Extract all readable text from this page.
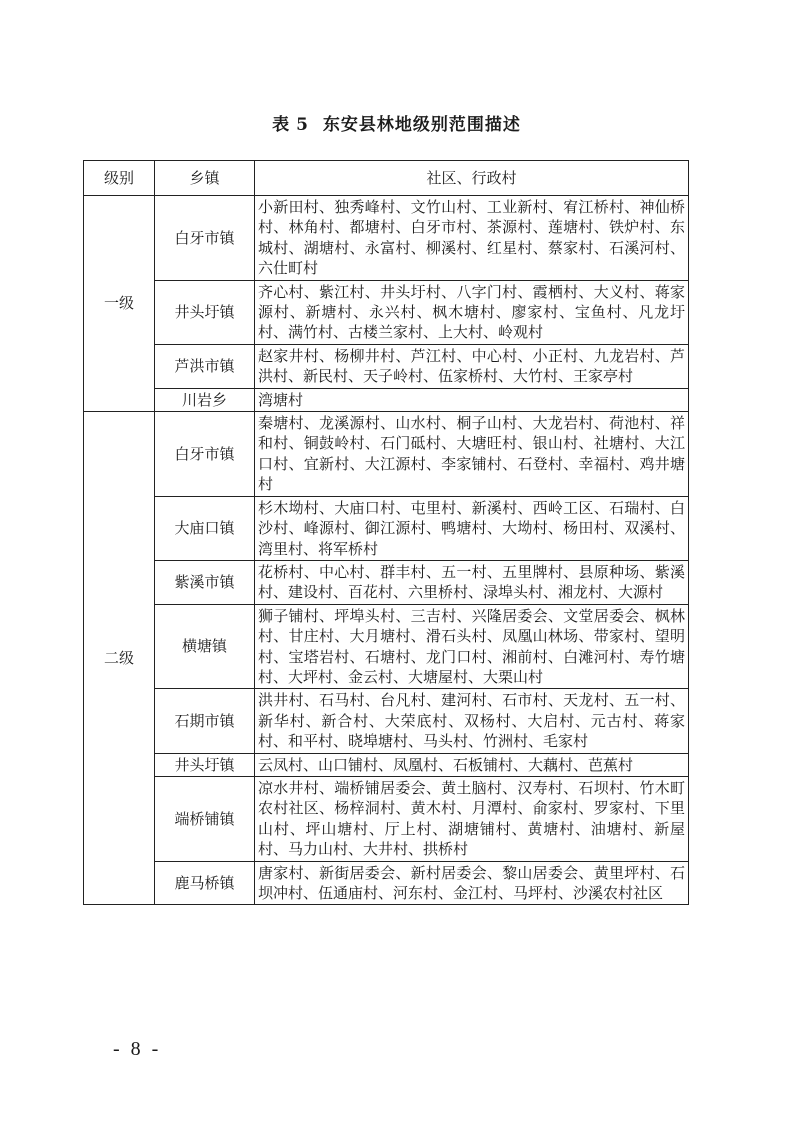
表 5 东安县林地级别范围描述
级别	乡镇	社区、行政村
一级	白牙市镇	小新田村、独秀峰村、文竹山村、工业新村、宥江桥村、神仙桥村、林角村、都塘村、白牙市村、茶源村、莲塘村、铁炉村、东城村、湖塘村、永富村、柳溪村、红星村、蔡家村、石溪河村、六仕町村
	井头圩镇	齐心村、紫江村、井头圩村、八字门村、霞栖村、大义村、蒋家源村、新塘村、永兴村、枫木塘村、廖家村、宝鱼村、凡龙圩村、满竹村、古楼兰家村、上大村、岭观村
	芦洪市镇	赵家井村、杨柳井村、芦江村、中心村、小正村、九龙岩村、芦洪村、新民村、天子岭村、伍家桥村、大竹村、王家亭村
	川岩乡	湾塘村
二级	白牙市镇	秦塘村、龙溪源村、山水村、桐子山村、大龙岩村、荷池村、祥和村、铜鼓岭村、石门砥村、大塘旺村、银山村、社塘村、大江口村、宜新村、大江源村、李家铺村、石登村、幸福村、鸡井塘村
	大庙口镇	杉木坳村、大庙口村、屯里村、新溪村、西岭工区、石瑞村、白沙村、峰源村、御江源村、鸭塘村、大坳村、杨田村、双溪村、湾里村、将军桥村
	紫溪市镇	花桥村、中心村、群丰村、五一村、五里牌村、县原种场、紫溪村、建设村、百花村、六里桥村、渌埠头村、湘龙村、大源村
	横塘镇	狮子铺村、坪埠头村、三吉村、兴隆居委会、文堂居委会、枫林村、甘庄村、大月塘村、滑石头村、凤凰山林场、带家村、望明村、宝塔岩村、石塘村、龙门口村、湘前村、白滩河村、寿竹塘村、大坪村、金云村、大塘屋村、大栗山村
	石期市镇	洪井村、石马村、台凡村、建河村、石市村、天龙村、五一村、新华村、新合村、大荣底村、双杨村、大启村、元古村、蒋家村、和平村、晓埠塘村、马头村、竹洲村、毛家村
	井头圩镇	云凤村、山口铺村、凤凰村、石板铺村、大藕村、芭蕉村
	端桥铺镇	凉水井村、端桥铺居委会、黄土脑村、汉寿村、石坝村、竹木町农村社区、杨梓洞村、黄木村、月潭村、俞家村、罗家村、下里山村、坪山塘村、厅上村、湖塘铺村、黄塘村、油塘村、新屋村、马力山村、大井村、拱桥村
	鹿马桥镇	唐家村、新街居委会、新村居委会、黎山居委会、黄里坪村、石坝冲村、伍通庙村、河东村、金江村、马坪村、沙溪农村社区
- 8 -
